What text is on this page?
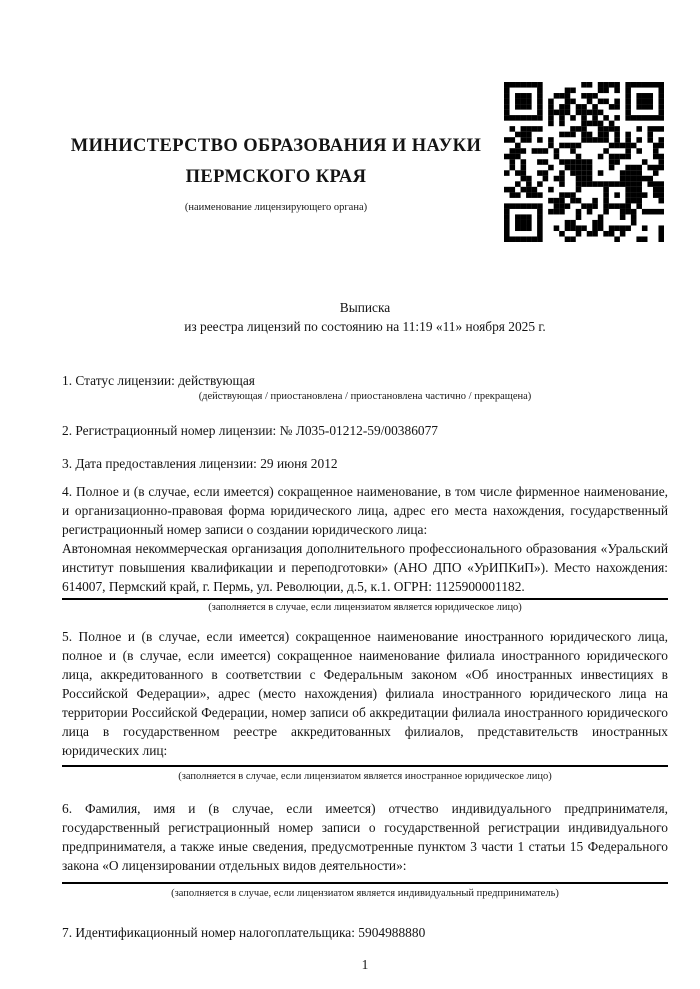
МИНИСТЕРСТВО ОБРАЗОВАНИЯ И НАУКИ
ПЕРМСКОГО КРАЯ
(наименование лицензирующего органа)
Выписка
из реестра лицензий по состоянию на 11:19 «11» ноября 2025 г.
1. Статус лицензии: действующая
(действующая / приостановлена / приостановлена частично / прекращена)

2. Регистрационный номер лицензии: № Л035-01212-59/00386077

3. Дата предоставления лицензии: 29 июня 2012

4. Полное и (в случае, если имеется) сокращенное наименование, в том числе фирменное наименование, и организационно-правовая форма юридического лица, адрес его места нахождения, государственный регистрационный номер записи о создании юридического лица:

Автономная некоммерческая организация дополнительного профессионального образования «Уральский институт повышения квалификации и переподготовки» (АНО ДПО «УрИПКиП»). Место нахождения: 614007, Пермский край, г. Пермь, ул. Революции, д.5, к.1. ОГРН: 1125900001182.

(заполняется в случае, если лицензиатом является юридическое лицо)

5. Полное и (в случае, если имеется) сокращенное наименование иностранного юридического лица, полное и (в случае, если имеется) сокращенное наименование филиала иностранного юридического лица, аккредитованного в соответствии с Федеральным законом «Об иностранных инвестициях в Российской Федерации», адрес (место нахождения) филиала иностранного юридического лица на территории Российской Федерации, номер записи об аккредитации филиала иностранного юридического лица в государственном реестре аккредитованных филиалов, представительств иностранных юридических лиц:

(заполняется в случае, если лицензиатом является иностранное юридическое лицо)

6. Фамилия, имя и (в случае, если имеется) отчество индивидуального предпринимателя, государственный регистрационный номер записи о государственной регистрации индивидуального предпринимателя, а также иные сведения, предусмотренные пунктом 3 части 1 статьи 15 Федерального закона «О лицензировании отдельных видов деятельности»:

(заполняется в случае, если лицензиатом является индивидуальный предприниматель)

7. Идентификационный номер налогоплательщика: 5904988880

1
